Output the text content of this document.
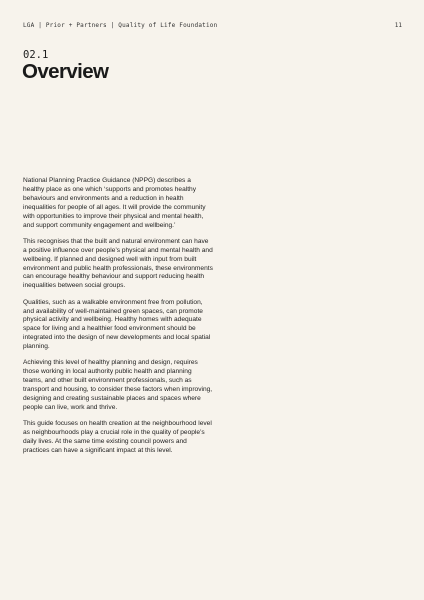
LGA | Prior + Partners | Quality of Life Foundation	11
02.1
Overview

National Planning Practice Guidance (NPPG) describes a healthy place as one which ‘supports and promotes healthy behaviours and environments and a reduction in health inequalities for people of all ages. It will provide the community with opportunities to improve their physical and mental health, and support community engagement and wellbeing.’

This recognises that the built and natural environment can have a positive influence over people’s physical and mental health and wellbeing. If planned and designed well with input from built environment and public health professionals, these environments can encourage healthy behaviour and support reducing health inequalities between social groups.

Qualities, such as a walkable environment free from pollution, and availability of well-maintained green spaces, can promote physical activity and wellbeing. Healthy homes with adequate space for living and a healthier food environment should be integrated into the design of new developments and local spatial planning.

Achieving this level of healthy planning and design, requires those working in local authority public health and planning teams, and other built environment professionals, such as transport and housing, to consider these factors when improving, designing and creating sustainable places and spaces where people can live, work and thrive.

This guide focuses on health creation at the neighbourhood level as neighbourhoods play a crucial role in the quality of people’s daily lives. At the same time existing council powers and practices can have a significant impact at this level.
